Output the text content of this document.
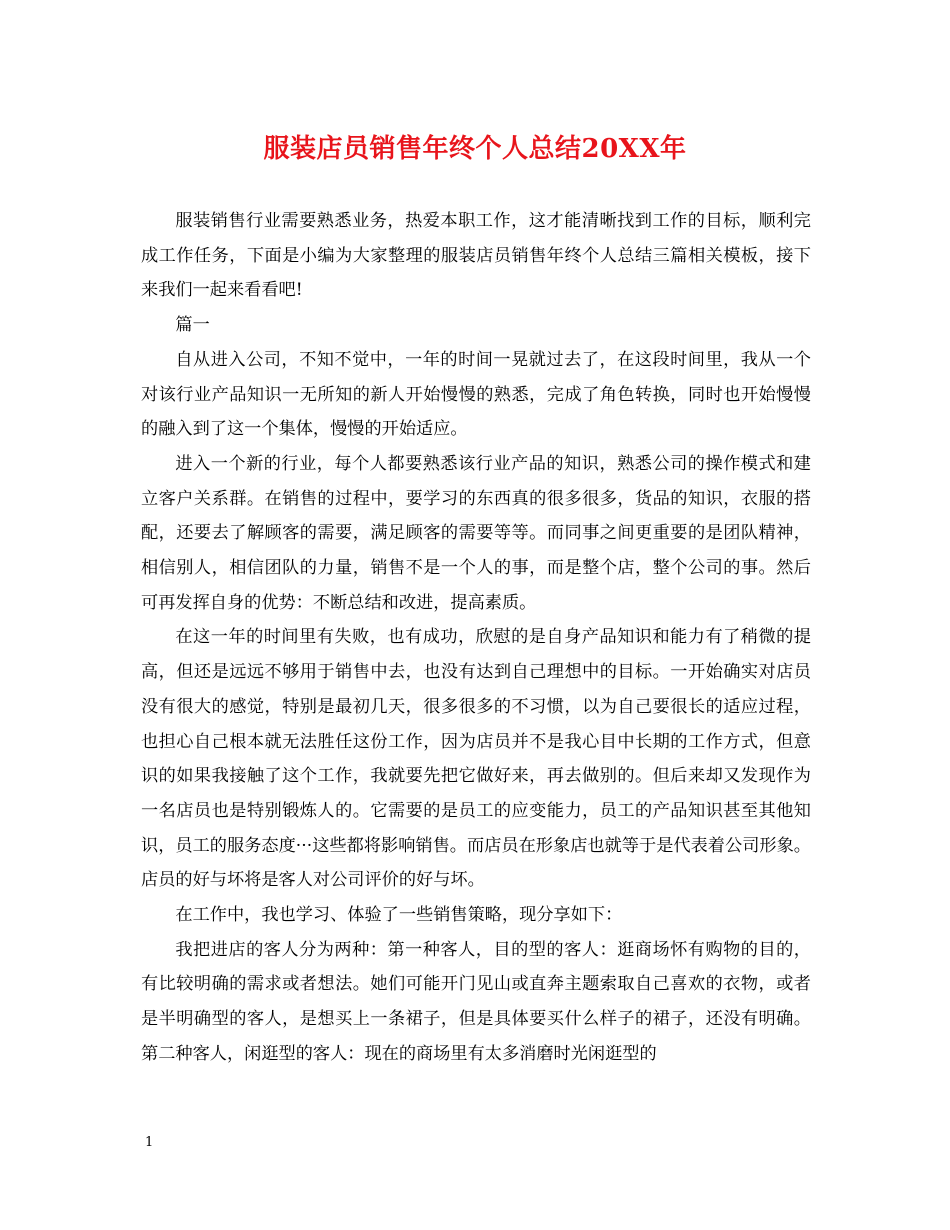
服装店员销售年终个人总结20XX年

服装销售行业需要熟悉业务，热爱本职工作，这才能清晰找到工作的目标，顺利完成工作任务，下面是小编为大家整理的服装店员销售年终个人总结三篇相关模板，接下来我们一起来看看吧!

篇一

自从进入公司，不知不觉中，一年的时间一晃就过去了，在这段时间里，我从一个对该行业产品知识一无所知的新人开始慢慢的熟悉，完成了角色转换，同时也开始慢慢的融入到了这一个集体，慢慢的开始适应。

进入一个新的行业，每个人都要熟悉该行业产品的知识，熟悉公司的操作模式和建立客户关系群。在销售的过程中，要学习的东西真的很多很多，货品的知识，衣服的搭配，还要去了解顾客的需要，满足顾客的需要等等。而同事之间更重要的是团队精神，相信别人，相信团队的力量，销售不是一个人的事，而是整个店，整个公司的事。然后可再发挥自身的优势：不断总结和改进，提高素质。

在这一年的时间里有失败，也有成功，欣慰的是自身产品知识和能力有了稍微的提高，但还是远远不够用于销售中去，也没有达到自己理想中的目标。一开始确实对店员没有很大的感觉，特别是最初几天，很多很多的不习惯，以为自己要很长的适应过程，也担心自己根本就无法胜任这份工作，因为店员并不是我心目中长期的工作方式，但意识的如果我接触了这个工作，我就要先把它做好来，再去做别的。但后来却又发现作为一名店员也是特别锻炼人的。它需要的是员工的应变能力，员工的产品知识甚至其他知识，员工的服务态度···这些都将影响销售。而店员在形象店也就等于是代表着公司形象。店员的好与坏将是客人对公司评价的好与坏。

在工作中，我也学习、体验了一些销售策略，现分享如下：

我把进店的客人分为两种：第一种客人，目的型的客人：逛商场怀有购物的目的，有比较明确的需求或者想法。她们可能开门见山或直奔主题索取自己喜欢的衣物，或者是半明确型的客人，是想买上一条裙子，但是具体要买什么样子的裙子，还没有明确。第二种客人，闲逛型的客人：现在的商场里有太多消磨时光闲逛型的

1
